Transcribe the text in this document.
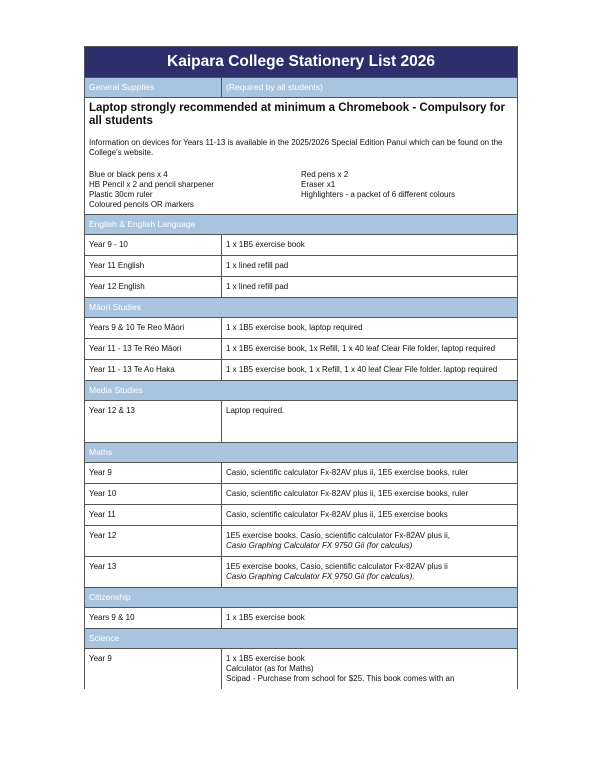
Kaipara College Stationery List 2026
General Supplies	(Required by all students)

Laptop strongly recommended at minimum a Chromebook - Compulsory for all students

Information on devices for Years 11-13 is available in the 2025/2026 Special Edition Panui which can be found on the College's website.

Blue or black pens x 4
HB Pencil x 2 and pencil sharpener
Plastic 30cm ruler
Coloured pencils OR markers
Red pens x 2
Eraser x1
Highlighters - a packet of 6 different colours
English & English Language
Year 9 - 10	1 x 1B5 exercise book
Year 11 English	1 x lined refill pad
Year 12 English	1 x lined refill pad
Māori Studies
Years 9 & 10 Te Reo Māori	1 x 1B5 exercise book, laptop required
Year 11 - 13 Te Reo Māori	1 x 1B5 exercise book, 1x Refill, 1 x 40 leaf Clear File folder, laptop required
Year 11 - 13 Te Ao Haka	1 x 1B5 exercise book, 1 x Refill, 1 x 40 leaf Clear File folder. laptop required
Media Studies
Year 12 & 13	Laptop required.
Maths
Year 9	Casio, scientific calculator Fx-82AV plus ii, 1E5 exercise books, ruler
Year 10	Casio, scientific calculator Fx-82AV plus ii, 1E5 exercise books, ruler
Year 11	Casio, scientific calculator Fx-82AV plus ii, 1E5 exercise books
Year 12	1E5 exercise books. Casio, scientific calculator Fx-82AV plus ii,
Casio Graphing Calculator FX 9750 Gii (for calculus)
Year 13	1E5 exercise books, Casio, scientific calculator Fx-82AV plus ii
Casio Graphing Calculator FX 9750 Gii (for calculus).
Citizenship
Years 9 & 10	1 x 1B5 exercise book
Science
Year 9	1 x 1B5 exercise book
Calculator (as for Maths)
Scipad - Purchase from school for $25. This book comes with an
